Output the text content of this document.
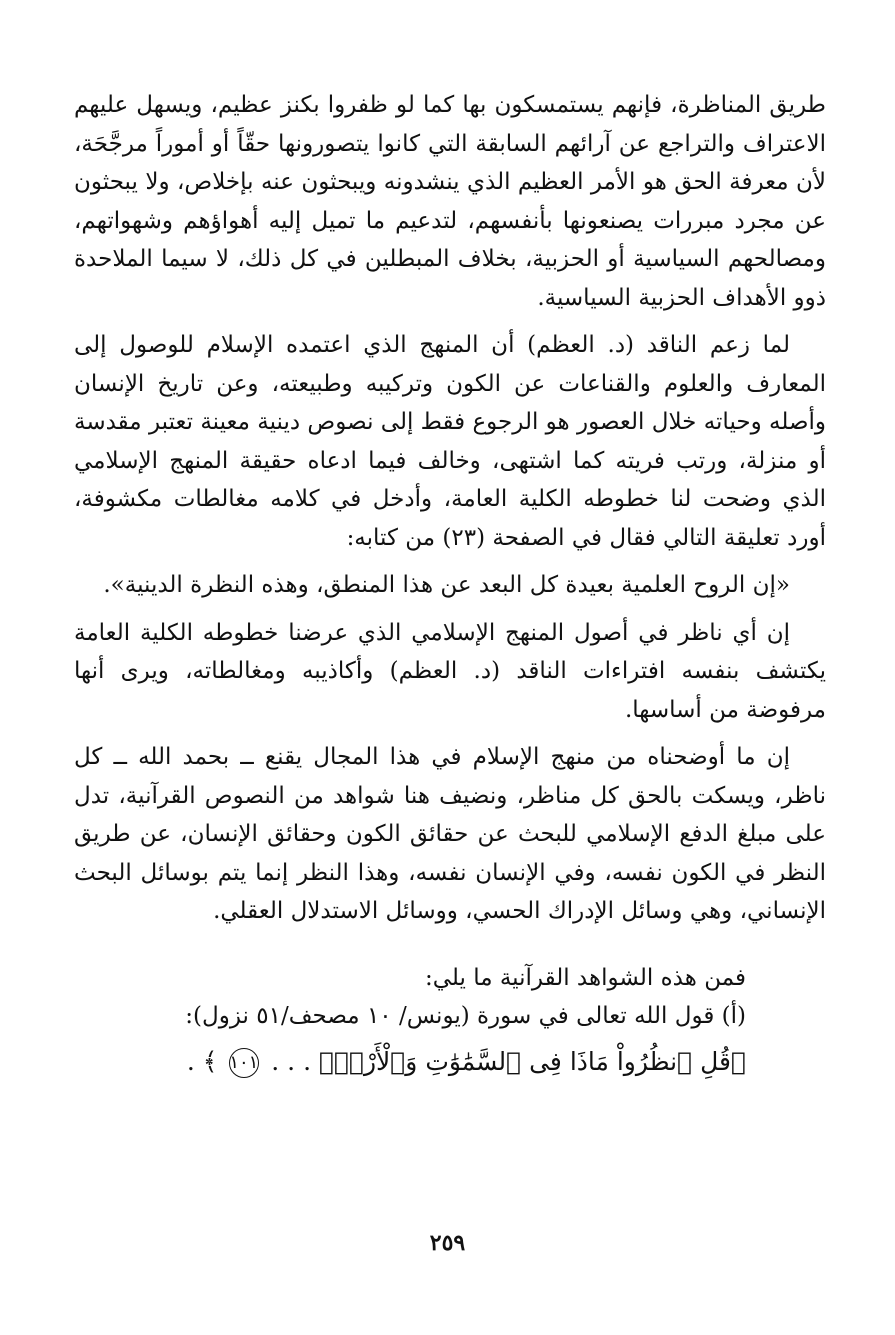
طريق المناظرة، فإنهم يستمسكون بها كما لو ظفروا بكنز عظيم، ويسهل عليهم الاعتراف والتراجع عن آرائهم السابقة التي كانوا يتصورونها حقّاً أو أموراً مرجَّحَة، لأن معرفة الحق هو الأمر العظيم الذي ينشدونه ويبحثون عنه بإخلاص، ولا يبحثون عن مجرد مبررات يصنعونها بأنفسهم، لتدعيم ما تميل إليه أهواؤهم وشهواتهم، ومصالحهم السياسية أو الحزبية، بخلاف المبطلين في كل ذلك، لا سيما الملاحدة ذوو الأهداف الحزبية السياسية.

لما زعم الناقد (د. العظم) أن المنهج الذي اعتمده الإسلام للوصول إلى المعارف والعلوم والقناعات عن الكون وتركيبه وطبيعته، وعن تاريخ الإنسان وأصله وحياته خلال العصور هو الرجوع فقط إلى نصوص دينية معينة تعتبر مقدسة أو منزلة، ورتب فريته كما اشتهى، وخالف فيما ادعاه حقيقة المنهج الإسلامي الذي وضحت لنا خطوطه الكلية العامة، وأدخل في كلامه مغالطات مكشوفة، أورد تعليقة التالي فقال في الصفحة (٢٣) من كتابه:

«إن الروح العلمية بعيدة كل البعد عن هذا المنطق، وهذه النظرة الدينية».

إن أي ناظر في أصول المنهج الإسلامي الذي عرضنا خطوطه الكلية العامة يكتشف بنفسه افتراءات الناقد (د. العظم) وأكاذيبه ومغالطاته، ويرى أنها مرفوضة من أساسها.

إن ما أوضحناه من منهج الإسلام في هذا المجال يقنع ــ بحمد الله ــ كل ناظر، ويسكت بالحق كل مناظر، ونضيف هنا شواهد من النصوص القرآنية، تدل على مبلغ الدفع الإسلامي للبحث عن حقائق الكون وحقائق الإنسان، عن طريق النظر في الكون نفسه، وفي الإنسان نفسه، وهذا النظر إنما يتم بوسائل البحث الإنساني، وهي وسائل الإدراك الحسي، ووسائل الاستدلال العقلي.

فمن هذه الشواهد القرآنية ما يلي:

(أ) قول الله تعالى في سورة (يونس/ ١٠ مصحف/٥١ نزول):

﴿قُلِ ٱنظُرُواْ مَاذَا فِى ٱلسَّمَٰوَٰتِ وَٱلْأَرْضِۚ . . . ١٠١ ﴾ .

٢٥٩
